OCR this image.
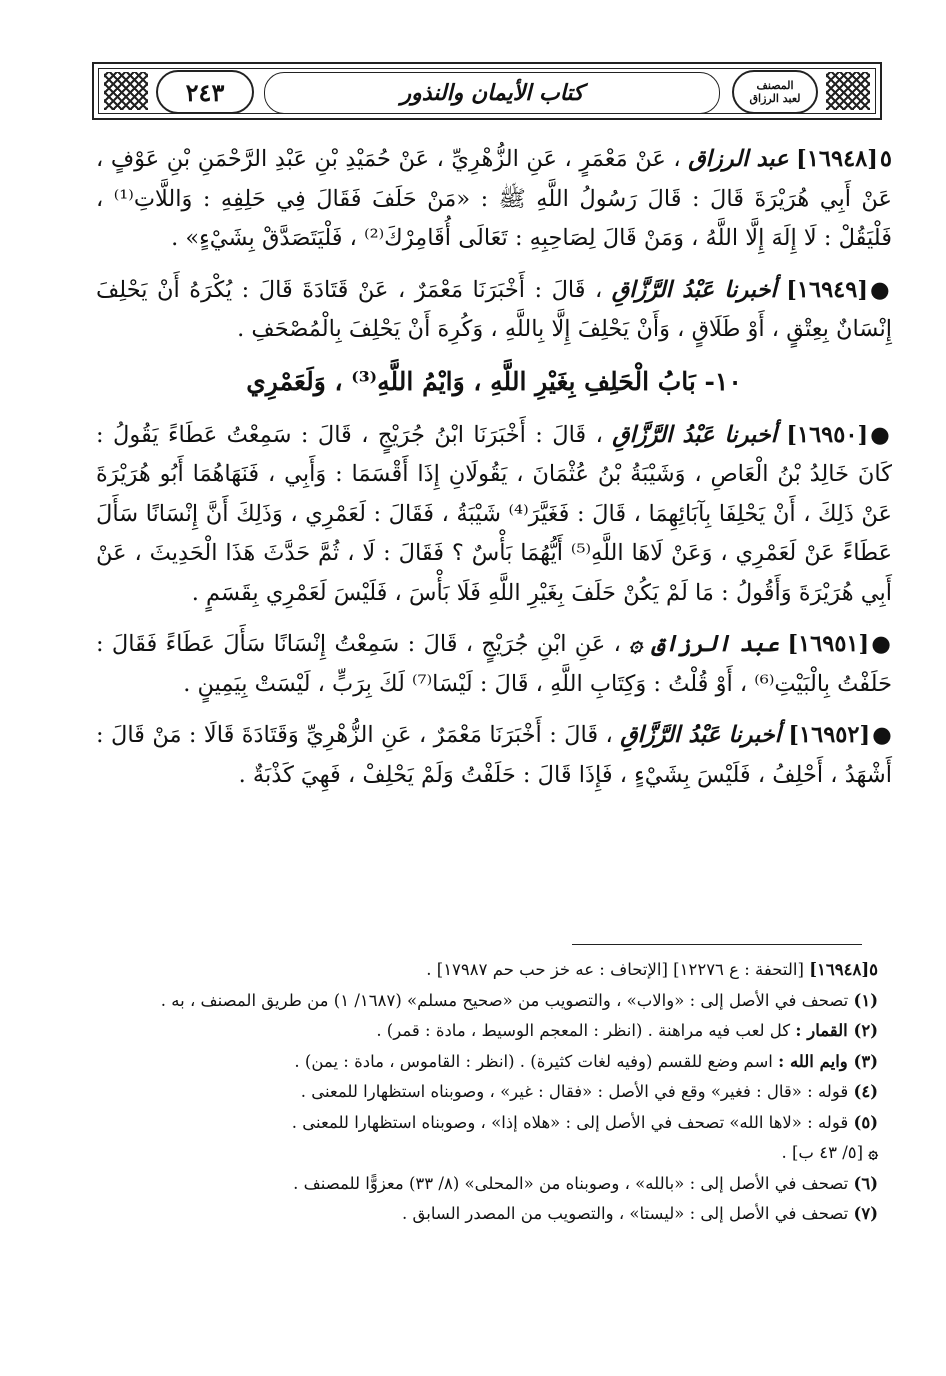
٢٤٣	كتاب الأيمان والنذور	المصنف
لعبد الرزاق

٥[١٦٩٤٨] عبد الرزاق ، عَنْ مَعْمَرٍ ، عَنِ الزُّهْرِيِّ ، عَنْ حُمَيْدِ بْنِ عَبْدِ الرَّحْمَنِ بْنِ عَوْفٍ ، عَنْ أَبِي هُرَيْرَةَ قَالَ : قَالَ رَسُولُ اللَّهِ ﷺ : «مَنْ حَلَفَ فَقَالَ فِي حَلِفِهِ : وَاللَّاتِ⁽¹⁾ ، فَلْيَقُلْ : لَا إِلَهَ إِلَّا اللَّهُ ، وَمَنْ قَالَ لِصَاحِبِهِ : تَعَالَى أُقَامِرْكَ⁽²⁾ ، فَلْيَتَصَدَّقْ بِشَيْءٍ» .

●[١٦٩٤٩] أخبرنا عَبْدُ الرَّزَّاقِ ، قَالَ : أَخْبَرَنَا مَعْمَرٌ ، عَنْ قَتَادَةَ قَالَ : يُكْرَهُ أَنْ يَحْلِفَ إِنْسَانٌ بِعِتْقٍ ، أَوْ طَلَاقٍ ، وَأَنْ يَحْلِفَ إِلَّا بِاللَّهِ ، وَكُرِهَ أَنْ يَحْلِفَ بِالْمُصْحَفِ .

١٠- بَابُ الْحَلِفِ بِغَيْرِ اللَّهِ ، وَايْمُ اللَّهِ⁽³⁾ ، وَلَعَمْرِي

●[١٦٩٥٠] أخبرنا عَبْدُ الرَّزَّاقِ ، قَالَ : أَخْبَرَنَا ابْنُ جُرَيْجٍ ، قَالَ : سَمِعْتُ عَطَاءً يَقُولُ : كَانَ خَالِدُ بْنُ الْعَاصِ ، وَشَيْبَةُ بْنُ عُثْمَانَ ، يَقُولَانِ إِذَا أَقْسَمَا : وَأَبِي ، فَنَهَاهُمَا أَبُو هُرَيْرَةَ عَنْ ذَلِكَ ، أَنْ يَحْلِفَا بِآبَائِهِمَا ، قَالَ : فَغَيَّرَ⁽⁴⁾ شَيْبَةُ ، فَقَالَ : لَعَمْرِي ، وَذَلِكَ أَنَّ إِنْسَانًا سَأَلَ عَطَاءً عَنْ لَعَمْرِي ، وَعَنْ لَاهَا اللَّهِ⁽⁵⁾ أَيُّهُمَا بَأْسٌ ؟ فَقَالَ : لَا ، ثُمَّ حَدَّثَ هَذَا الْحَدِيثَ ، عَنْ أَبِي هُرَيْرَةَ وَأَقُولُ : مَا لَمْ يَكُنْ حَلَفَ بِغَيْرِ اللَّهِ فَلَا بَأْسَ ، فَلَيْسَ لَعَمْرِي بِقَسَمٍ .

●[١٦٩٥١] عبد الرزاق ۞ ، عَنِ ابْنِ جُرَيْجٍ ، قَالَ : سَمِعْتُ إِنْسَانًا سَأَلَ عَطَاءً فَقَالَ : حَلَفْتُ بِالْبَيْتِ⁽⁶⁾ ، أَوْ قُلْتُ : وَكِتَابِ اللَّهِ ، قَالَ : لَيْسَا⁽⁷⁾ لَكَ بِرَبٍّ ، لَيْسَتْ بِيَمِينٍ .

●[١٦٩٥٢] أخبرنا عَبْدُ الرَّزَّاقِ ، قَالَ : أَخْبَرَنَا مَعْمَرٌ ، عَنِ الزُّهْرِيِّ وَقَتَادَةَ قَالَا : مَنْ قَالَ : أَشْهَدُ ، أَحْلِفُ ، فَلَيْسَ بِشَيْءٍ ، فَإِذَا قَالَ : حَلَفْتُ وَلَمْ يَحْلِفْ ، فَهِيَ كَذْبَةٌ .

٥[١٦٩٤٨] [التحفة : ع ١٢٢٧٦] [الإتحاف : عه خز حب حم ١٧٩٨٧] .
(١) تصحف في الأصل إلى : «والاب» ، والتصويب من «صحيح مسلم» (١٦٨٧/ ١) من طريق المصنف ، به .
(٢) القمار : كل لعب فيه مراهنة . (انظر : المعجم الوسيط ، مادة : قمر) .
(٣) وايم الله : اسم وضع للقسم (وفيه لغات كثيرة) . (انظر : القاموس ، مادة : يمن) .
(٤) قوله : «قال : فغير» وقع في الأصل : «فقال : غير» ، وصوبناه استظهارا للمعنى .
(٥) قوله : «لاها الله» تصحف في الأصل إلى : «هلاه إذا» ، وصوبناه استظهارا للمعنى .
۞ [٥/ ٤٣ ب] .
(٦) تصحف في الأصل إلى : «بالله» ، وصوبناه من «المحلى» (٨/ ٣٣) معزوًّا للمصنف .
(٧) تصحف في الأصل إلى : «ليستا» ، والتصويب من المصدر السابق .
